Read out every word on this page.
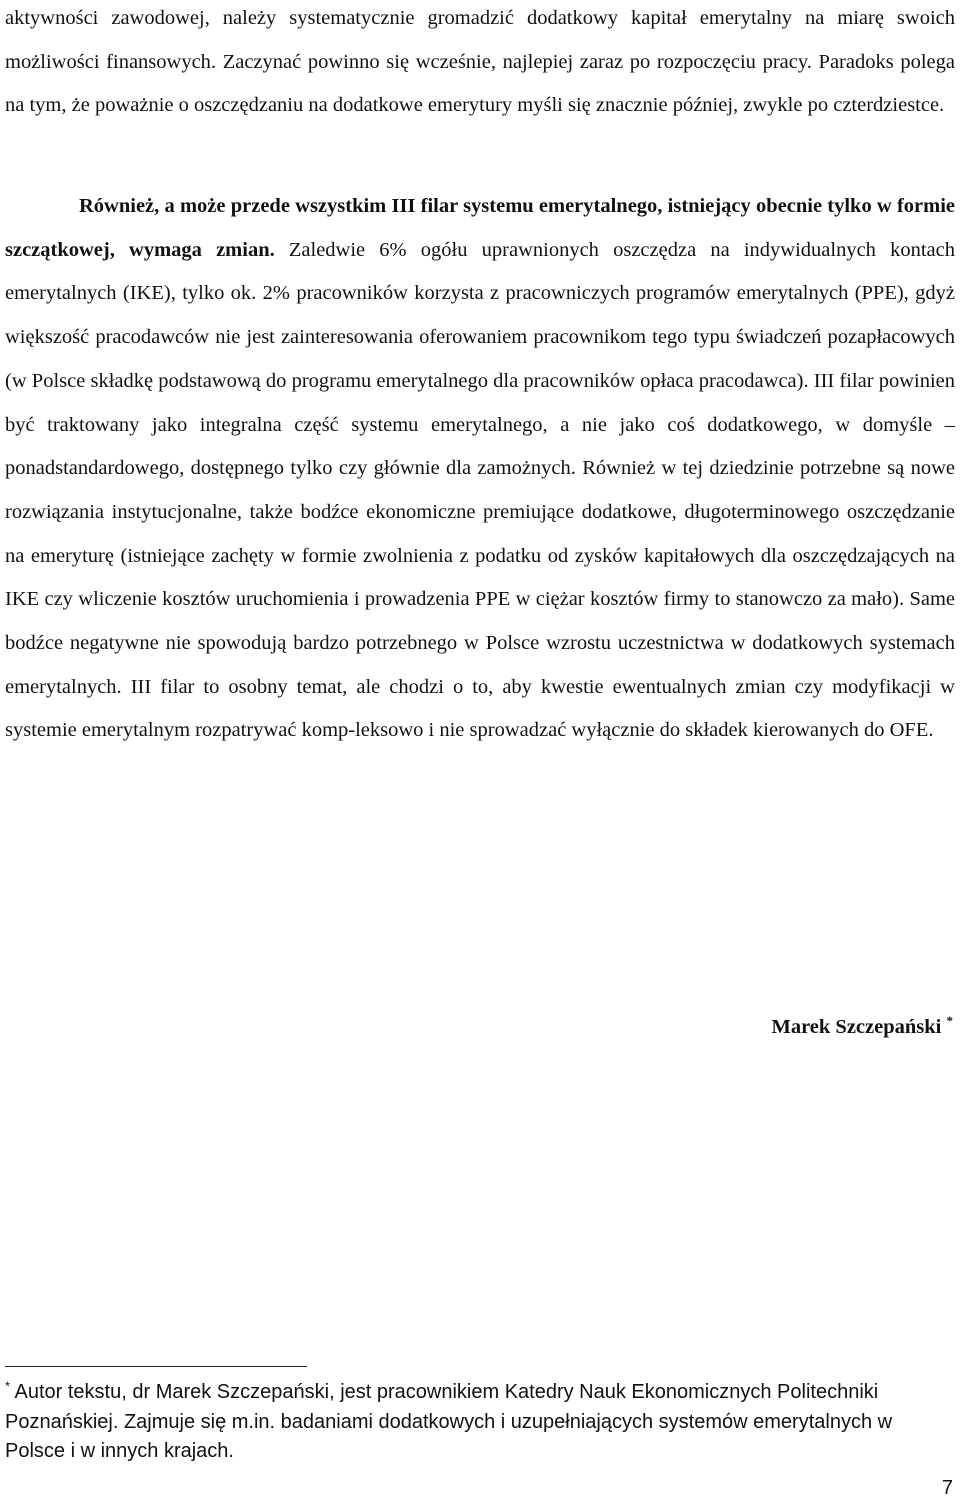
aktywności zawodowej, należy systematycznie gromadzić dodatkowy kapitał emerytalny na miarę swoich możliwości finansowych. Zaczynać powinno się wcześnie, najlepiej zaraz po rozpoczęciu pracy. Paradoks polega na tym, że poważnie o oszczędzaniu na dodatkowe emerytury myśli się znacznie później, zwykle po czterdziestce.

Również, a może przede wszystkim III filar systemu emerytalnego, istniejący obecnie tylko w formie szczątkowej, wymaga zmian. Zaledwie 6% ogółu uprawnionych oszczędza na indywidualnych kontach emerytalnych (IKE), tylko ok. 2% pracowników korzysta z pracowniczych programów emerytalnych (PPE), gdyż większość pracodawców nie jest zainteresowania oferowaniem pracownikom tego typu świadczeń pozapłacowych (w Polsce składkę podstawową do programu emerytalnego dla pracowników opłaca pracodawca). III filar powinien być traktowany jako integralna część systemu emerytalnego, a nie jako coś dodatkowego, w domyśle – ponadstandardowego, dostępnego tylko czy głównie dla zamożnych. Również w tej dziedzinie potrzebne są nowe rozwiązania instytucjonalne, także bodźce ekonomiczne premiujące dodatkowe, długoterminowego oszczędzanie na emeryturę (istniejące zachęty w formie zwolnienia z podatku od zysków kapitałowych dla oszczędzających na IKE czy wliczenie kosztów uruchomienia i prowadzenia PPE w ciężar kosztów firmy to stanowczo za mało). Same bodźce negatywne nie spowodują bardzo potrzebnego w Polsce wzrostu uczestnictwa w dodatkowych systemach emerytalnych. III filar to osobny temat, ale chodzi o to, aby kwestie ewentualnych zmian czy modyfikacji w systemie emerytalnym rozpatrywać komp-leksowo i nie sprowadzać wyłącznie do składek kierowanych do OFE.

Marek Szczepański *

* Autor tekstu, dr Marek Szczepański, jest pracownikiem Katedry Nauk Ekonomicznych Politechniki Poznańskiej. Zajmuje się m.in. badaniami dodatkowych i uzupełniających systemów emerytalnych w Polsce i w innych krajach.

7
